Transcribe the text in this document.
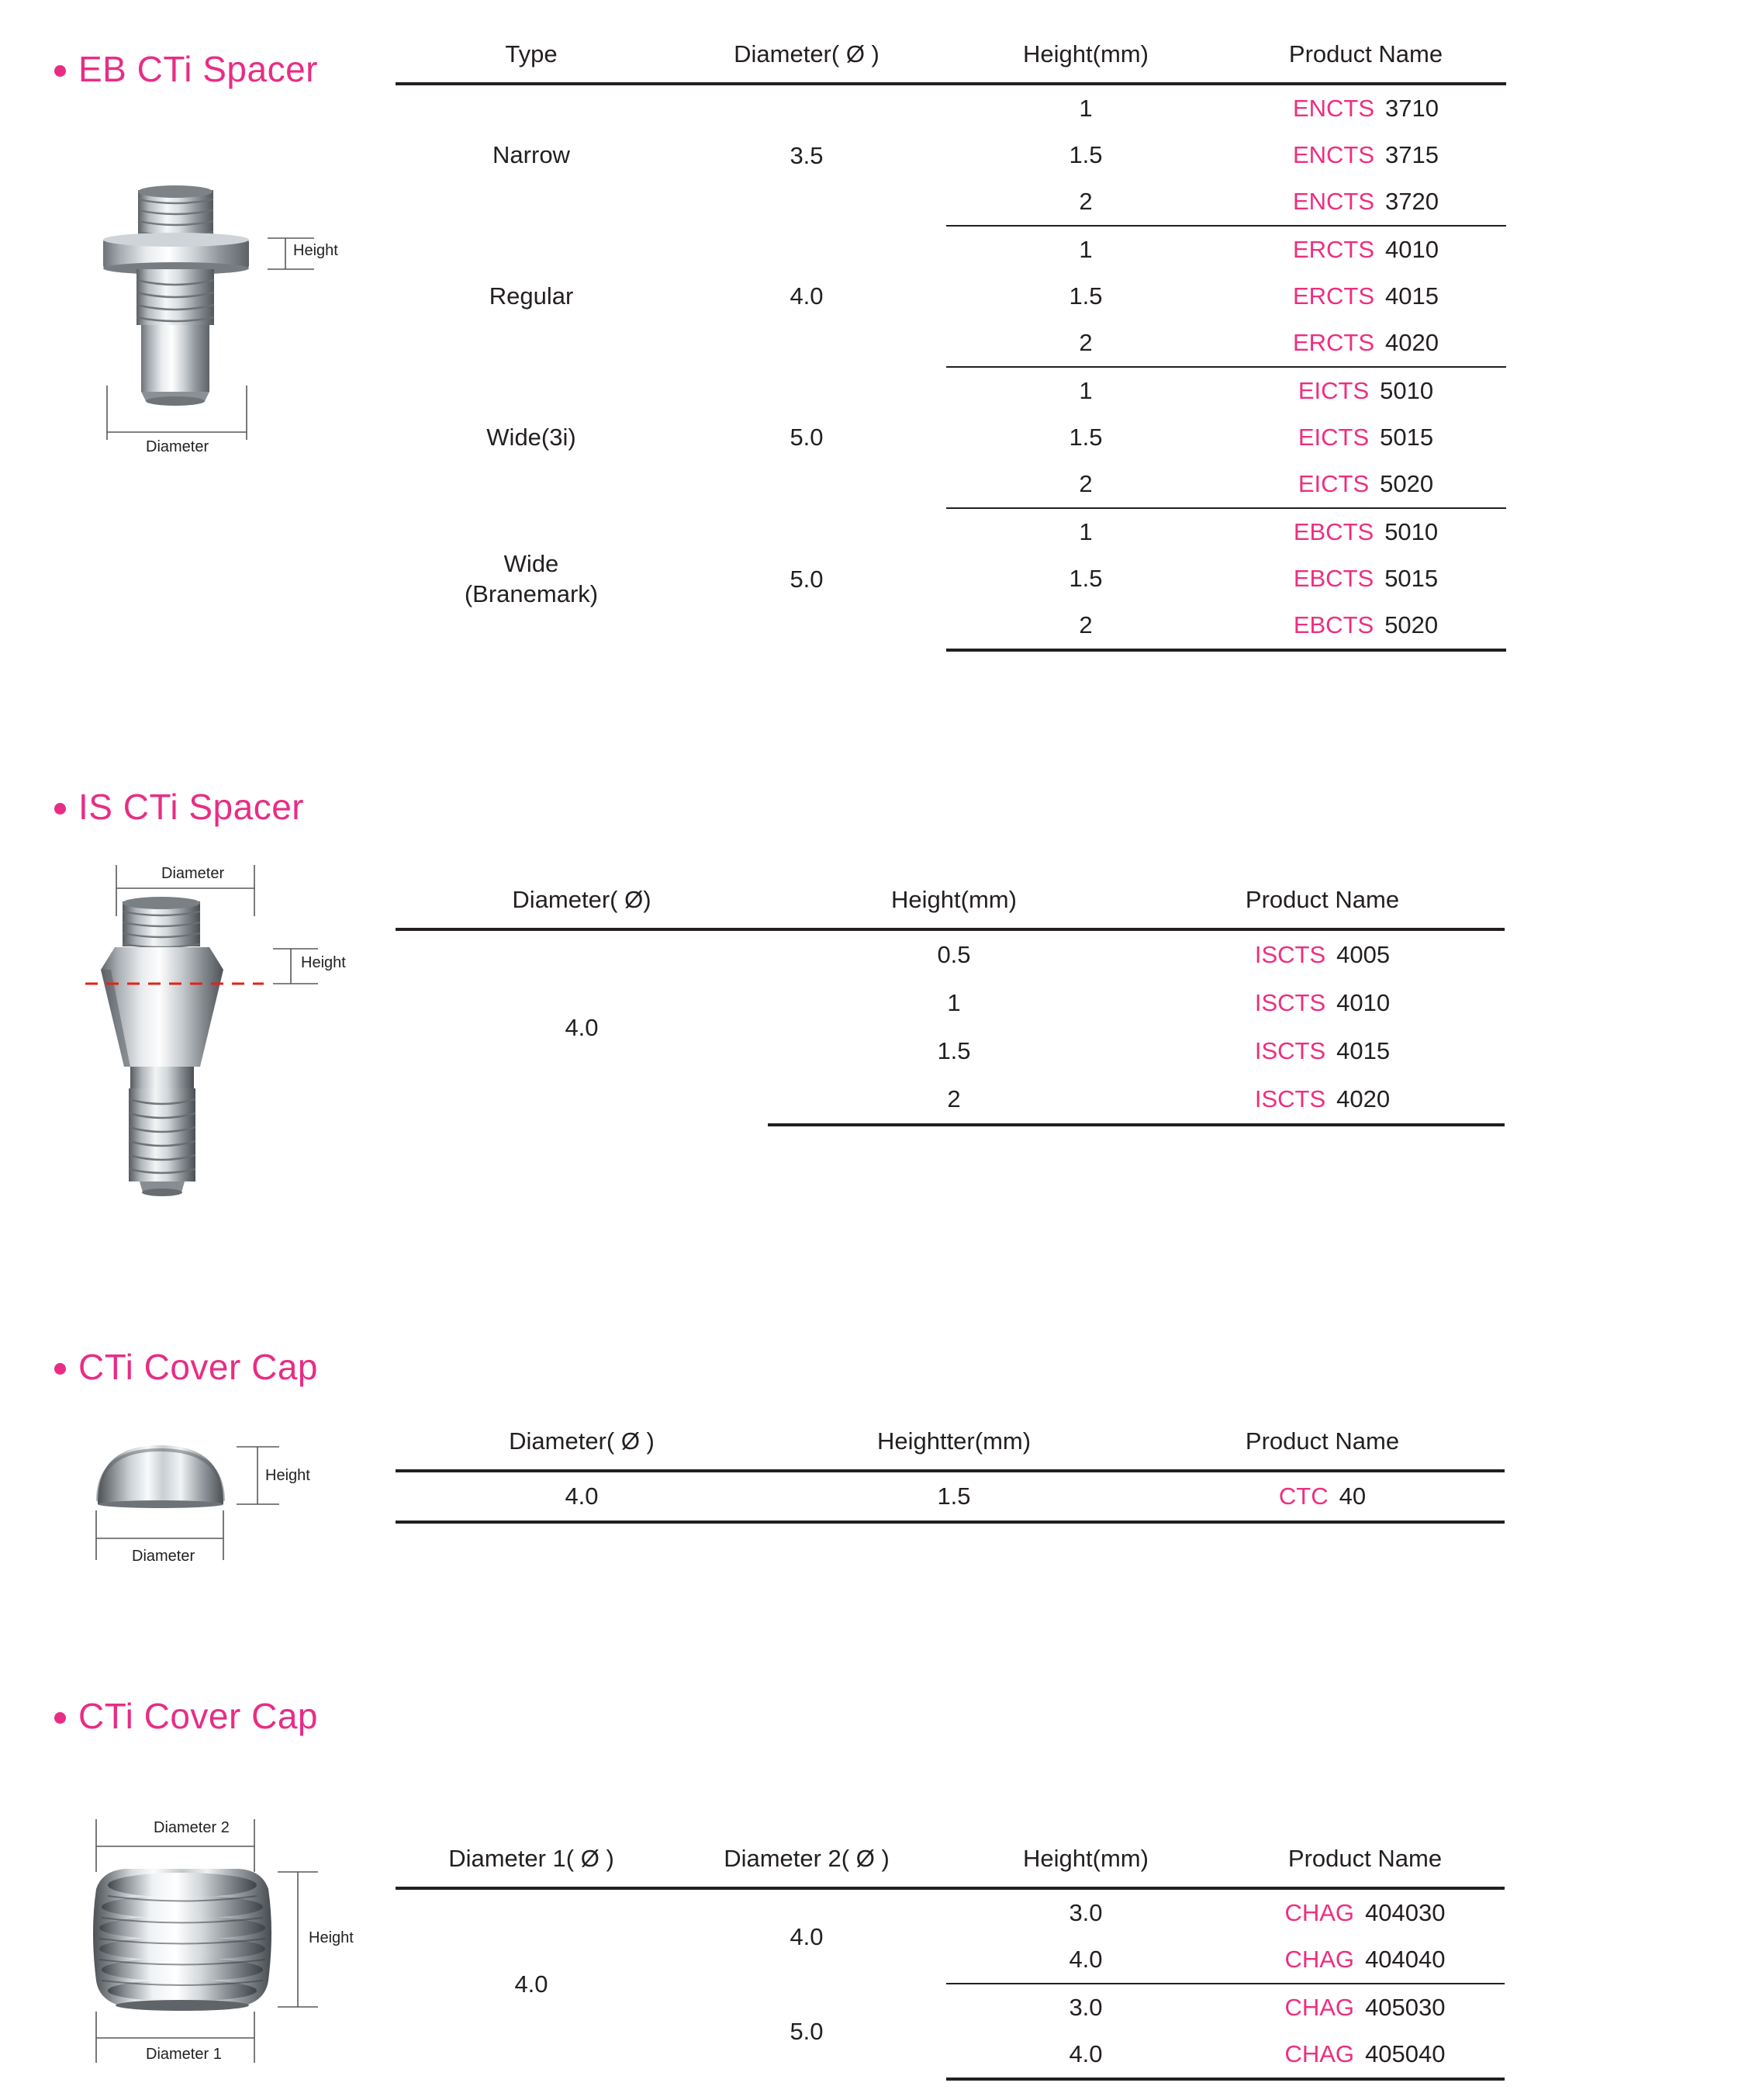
EB CTi Spacer
Height
Diameter
Type	Diameter( Ø )	Height(mm)	Product Name
Narrow	3.5	1	ENCTS 3710
		1.5	ENCTS 3715
		2	ENCTS 3720
Regular	4.0	1	ERCTS 4010
		1.5	ERCTS 4015
		2	ERCTS 4020
Wide(3i)	5.0	1	EICTS 5010
		1.5	EICTS 5015
		2	EICTS 5020

Wide
(Branemark)	5.0	1	EBCTS 5010
		1.5	EBCTS 5015
		2	EBCTS 5020
IS CTi Spacer
Height
Diameter
Diameter( Ø)	Height(mm)	Product Name
4.0	0.5	ISCTS 4005
	1	ISCTS 4010
	1.5	ISCTS 4015
	2	ISCTS 4020
CTi Cover Cap
Height
Diameter
Diameter( Ø )	Heightter(mm)	Product Name
4.0	1.5	CTC 40
CTi Cover Cap
Diameter 2
Height
Diameter 1
Diameter 1( Ø )	Diameter 2( Ø )	Height(mm)	Product Name
4.0	4.0	3.0	CHAG 404030
		4.0	CHAG 404040
	5.0	3.0	CHAG 405030
		4.0	CHAG 405040
